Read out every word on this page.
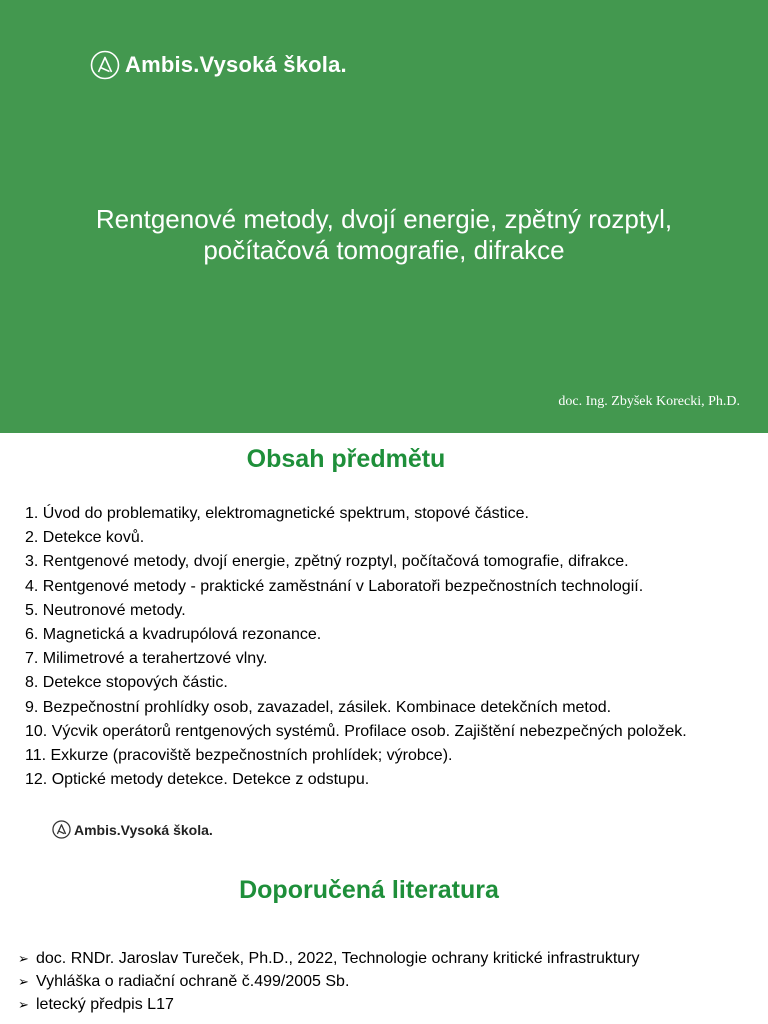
Ambis.Vysoká škola.
Rentgenové metody, dvojí energie, zpětný rozptyl,
počítačová tomografie, difrakce
doc. Ing. Zbyšek Korecki, Ph.D.
Obsah předmětu
1. Úvod do problematiky, elektromagnetické spektrum, stopové částice.
2. Detekce kovů.
3. Rentgenové metody, dvojí energie, zpětný rozptyl, počítačová tomografie, difrakce.
4. Rentgenové metody - praktické zaměstnání v Laboratoři bezpečnostních technologií.
5. Neutronové metody.
6. Magnetická a kvadrupólová rezonance.
7. Milimetrové a terahertzové vlny.
8. Detekce stopových částic.
9. Bezpečnostní prohlídky osob, zavazadel, zásilek. Kombinace detekčních metod.
10. Výcvik operátorů rentgenových systémů. Profilace osob. Zajištění nebezpečných položek.
11. Exkurze (pracoviště bezpečnostních prohlídek; výrobce).
12. Optické metody detekce. Detekce z odstupu.
Ambis.Vysoká škola.
Doporučená literatura
➢ doc. RNDr. Jaroslav Tureček, Ph.D., 2022, Technologie ochrany kritické infrastruktury
➢ Vyhláška o radiační ochraně č.499/2005 Sb.
➢ letecký předpis L17
